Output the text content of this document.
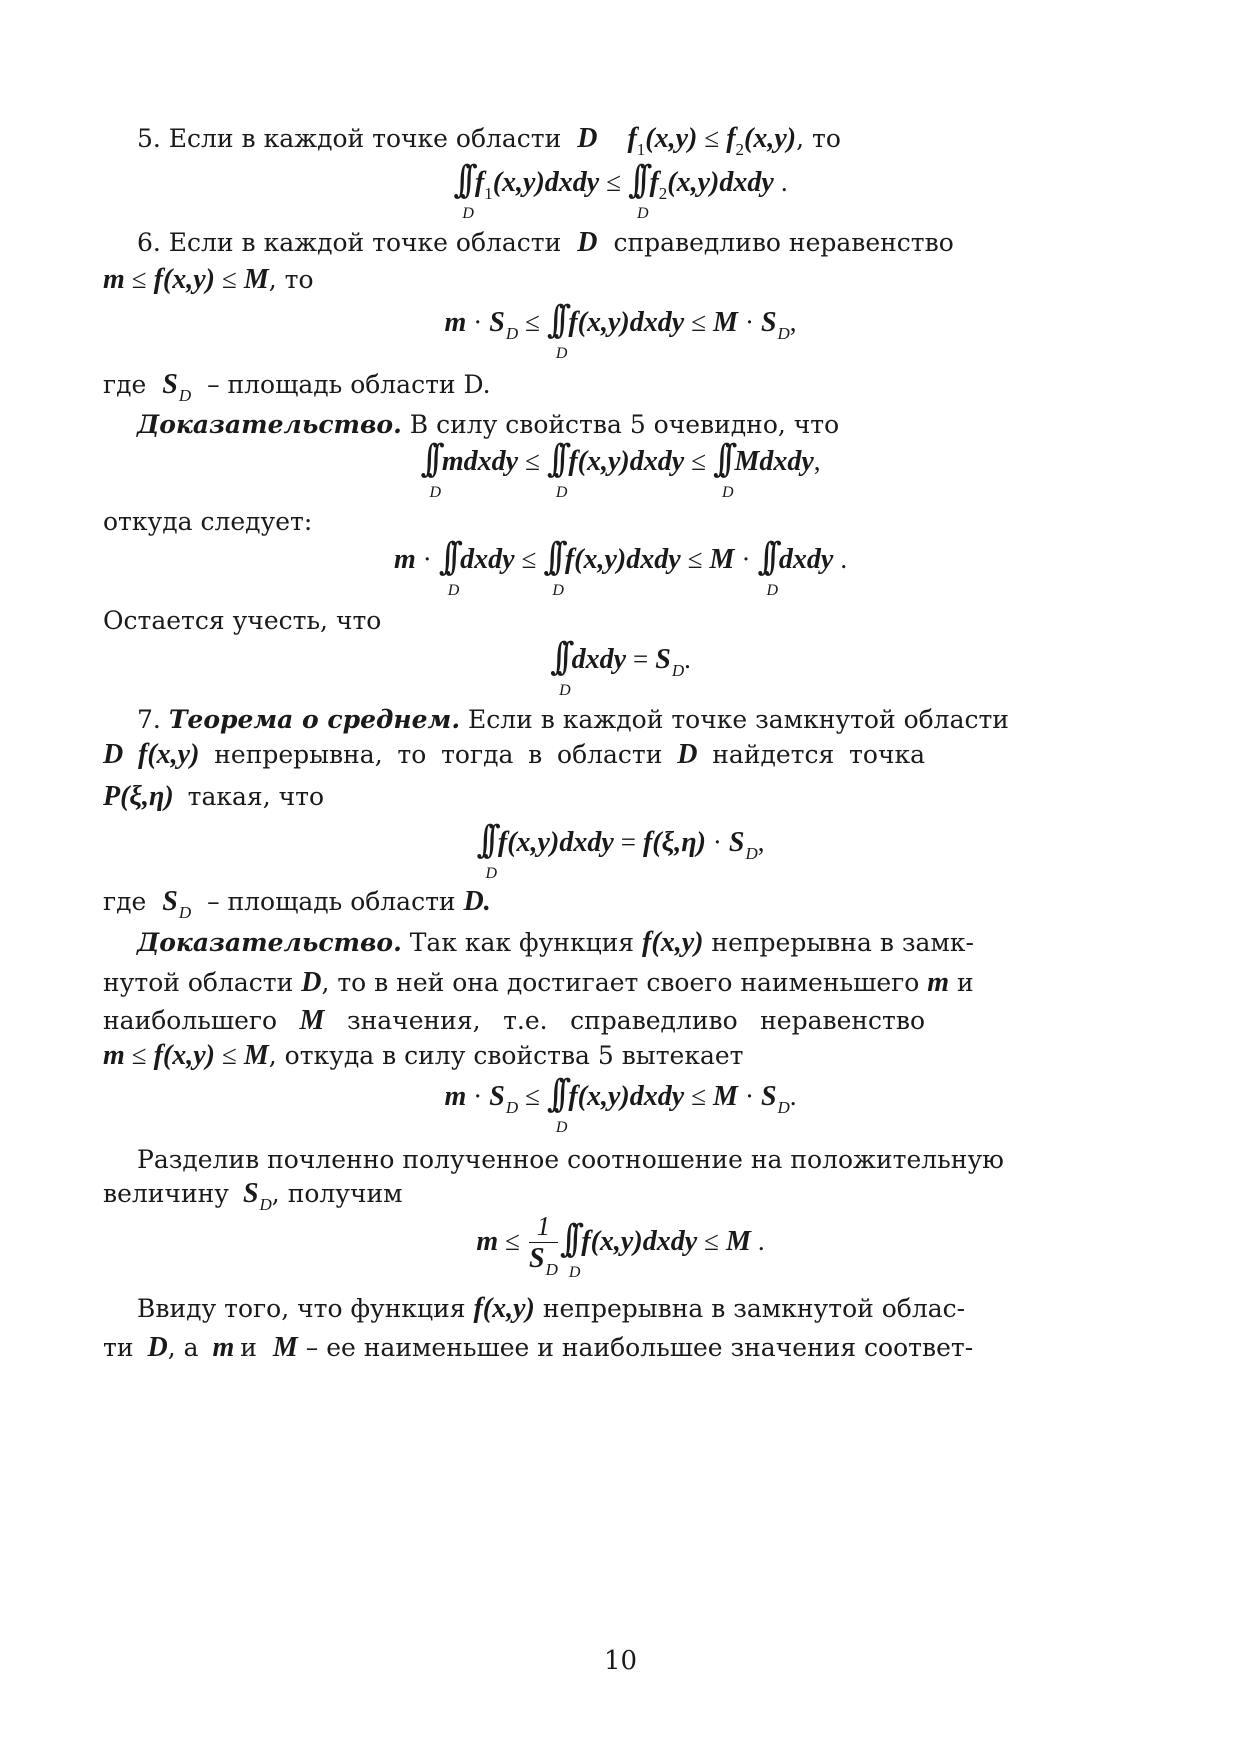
5. Если в каждой точке области D $f_1(x,y) \le f_2(x,y)$, то
∫∫
D
$f_1(x,y)dxdy$ ≤ ∫∫
D
$f_2(x,y)dxdy$ .
6. Если в каждой точке области D справедливо неравенство
m ≤ f(x,y) ≤ M, то
$m \cdot S_D$ ≤ ∫∫
D
f(x,y)dxdy ≤ $M \cdot S_D$,
где $S_D$ – площадь области D.
Доказательство. В силу свойства 5 очевидно, что
∫∫
D
mdxdy ≤ ∫∫
D
f(x,y)dxdy ≤ ∫∫
D
Mdxdy,
откуда следует:
m · ∫∫
D
dxdy ≤ ∫∫
D
f(x,y)dxdy ≤ M · ∫∫
D
dxdy .
Остается учесть, что
∫∫
D
dxdy = $S_D$.
7. Теорема о среднем. Если в каждой точке замкнутой области
D f(x,y) непрерывна, то тогда в области D найдется точка
P(ξ,η) такая, что
∫∫
D
f(x,y)dxdy = $f(\xi,\eta) \cdot S_D$,
где $S_D$ – площадь области D.
Доказательство. Так как функция f(x,y) непрерывна в замк-
нутой области D, то в ней она достигает своего наименьшего m и
наибольшего M значения, т.е. справедливо неравенство
m ≤ f(x,y) ≤ M, откуда в силу свойства 5 вытекает
$m \cdot S_D$ ≤ ∫∫
D
f(x,y)dxdy ≤ $M \cdot S_D$.
Разделив почленно полученное соотношение на положительную
величину $S_D$, получим
$m \le \frac{1}{S_D}$ ∫∫
D
f(x,y)dxdy ≤ M .
Ввиду того, что функция f(x,y) непрерывна в замкнутой облас-
ти D, а m и M – ее наименьшее и наибольшее значения соответ-
10
